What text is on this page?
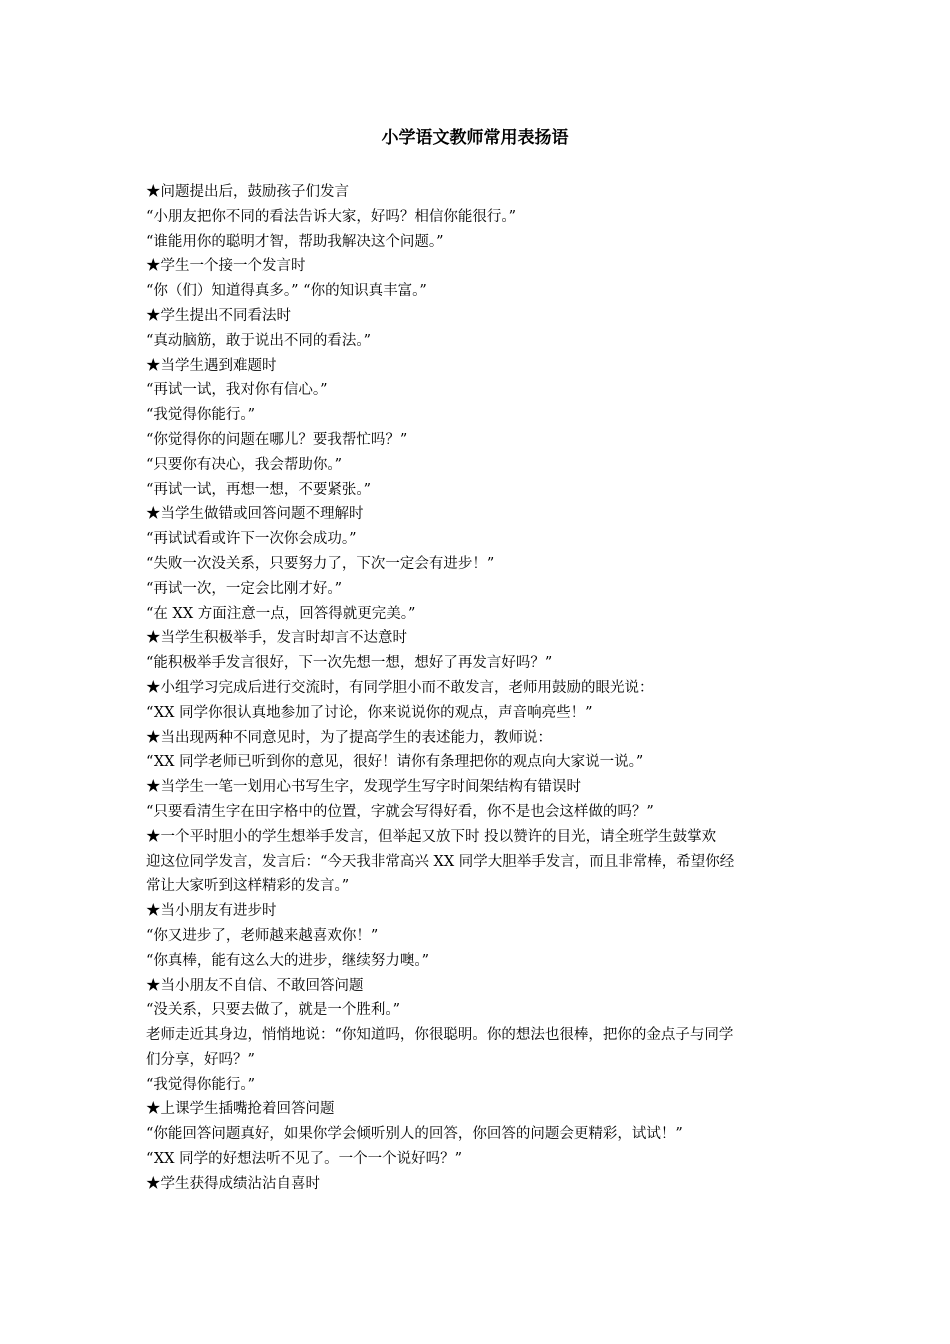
小学语文教师常用表扬语

★问题提出后，鼓励孩子们发言

“小朋友把你不同的看法告诉大家，好吗？相信你能很行。”

“谁能用你的聪明才智，帮助我解决这个问题。”

★学生一个接一个发言时

“你（们）知道得真多。” “你的知识真丰富。”

★学生提出不同看法时

“真动脑筋，敢于说出不同的看法。”

★当学生遇到难题时

“再试一试，我对你有信心。”

“我觉得你能行。”

“你觉得你的问题在哪儿？要我帮忙吗？”

“只要你有决心，我会帮助你。”

“再试一试，再想一想，不要紧张。”

★当学生做错或回答问题不理解时

“再试试看或许下一次你会成功。”

“失败一次没关系，只要努力了，下次一定会有进步！”

“再试一次，一定会比刚才好。”

“在 XX 方面注意一点，回答得就更完美。”

★当学生积极举手，发言时却言不达意时

“能积极举手发言很好，下一次先想一想，想好了再发言好吗？”

★小组学习完成后进行交流时，有同学胆小而不敢发言，老师用鼓励的眼光说：

“XX 同学你很认真地参加了讨论，你来说说你的观点，声音响亮些！”

★当出现两种不同意见时，为了提高学生的表述能力，教师说：

“XX 同学老师已听到你的意见，很好！请你有条理把你的观点向大家说一说。”

★当学生一笔一划用心书写生字，发现学生写字时间架结构有错误时

“只要看清生字在田字格中的位置，字就会写得好看，你不是也会这样做的吗？”

★一个平时胆小的学生想举手发言，但举起又放下时 投以赞许的目光，请全班学生鼓掌欢

迎这位同学发言，发言后：“今天我非常高兴 XX 同学大胆举手发言，而且非常棒，希望你经

常让大家听到这样精彩的发言。”

★当小朋友有进步时

“你又进步了，老师越来越喜欢你！”

“你真棒，能有这么大的进步，继续努力噢。”

★当小朋友不自信、不敢回答问题

“没关系，只要去做了，就是一个胜利。”

老师走近其身边，悄悄地说：“你知道吗，你很聪明。你的想法也很棒，把你的金点子与同学

们分享，好吗？”

“我觉得你能行。”

★上课学生插嘴抢着回答问题

“你能回答问题真好，如果你学会倾听别人的回答，你回答的问题会更精彩，试试！”

“XX 同学的好想法听不见了。一个一个说好吗？”

★学生获得成绩沾沾自喜时
